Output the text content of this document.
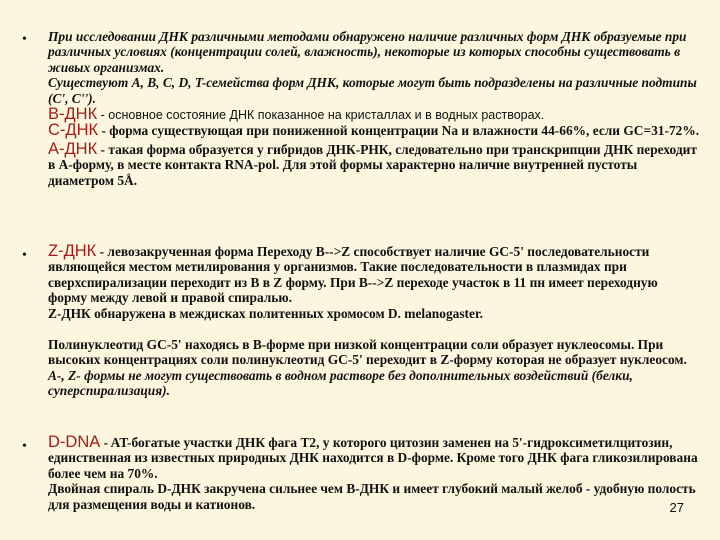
• При исследовании ДНК различными методами обнаружено наличие различных форм ДНК образуемые при различных условиях (концентрации солей, влажность), некоторые из которых способны существовать в живых организмах.

Существуют A, B, C, D, T-семейства форм ДНК, которые могут быть подразделены на различные подтипы (C', C'').

B-ДНК - основное состояние ДНК показанное на кристаллах и в водных растворах.

C-ДНК - форма существующая при пониженной концентрации Na и влажности 44-66%, если GC=31-72%.

A-ДНК - такая форма образуется у гибридов ДНК-РНК, следовательно при транскрипции ДНК переходит в A-форму, в месте контакта RNA-pol. Для этой формы характерно наличие внутренней пустоты диаметром 5Å.

• Z-ДНК - левозакрученная форма Переходу B-->Z способствует наличие GC-5' последовательности являющейся местом метилирования у организмов. Такие последовательности в плазмидах при сверхспирализации переходит из B в Z форму. При B-->Z переходе участок в 11 пн имеет переходную форму между левой и правой спиралью.

Z-ДНК обнаружена в междисках политенных хромосом D. melanogaster.

Полинуклеотид GC-5' находясь в B-форме при низкой концентрации соли образует нуклеосомы. При высоких концентрациях соли полинуклеотид GC-5' переходит в Z-форму которая не образует нуклеосом.

A-, Z- формы не могут существовать в водном растворе без дополнительных воздействий (белки, суперспирализация).

• D-DNA - AT-богатые участки ДНК фага T2, у которого цитозин заменен на 5'-гидроксиметилцитозин, единственная из известных природных ДНК находится в D-форме. Кроме того ДНК фага гликозилирована более чем на 70%.

Двойная спираль D-ДНК закручена сильнее чем B-ДНК и имеет глубокий малый желоб - удобную полость для размещения воды и катионов.	27
